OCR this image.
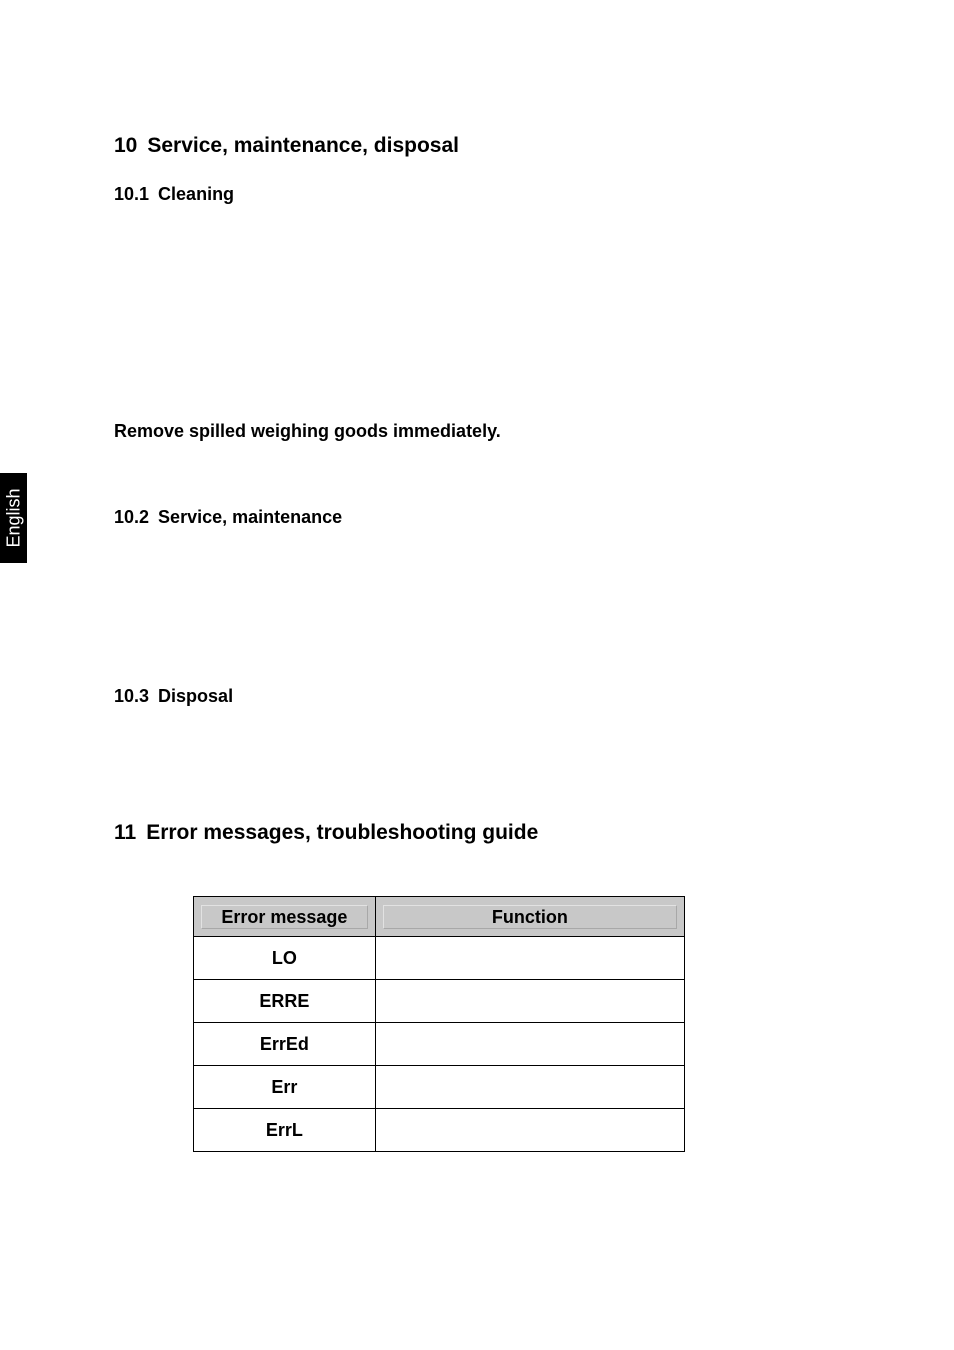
English
10 Service, maintenance, disposal
10.1 Cleaning

Remove spilled weighing goods immediately.

10.2 Service, maintenance
10.3 Disposal
11 Error messages, troubleshooting guide
Error message	Function

LO	
ERRE	
ErrEd	
Err	
ErrL	
